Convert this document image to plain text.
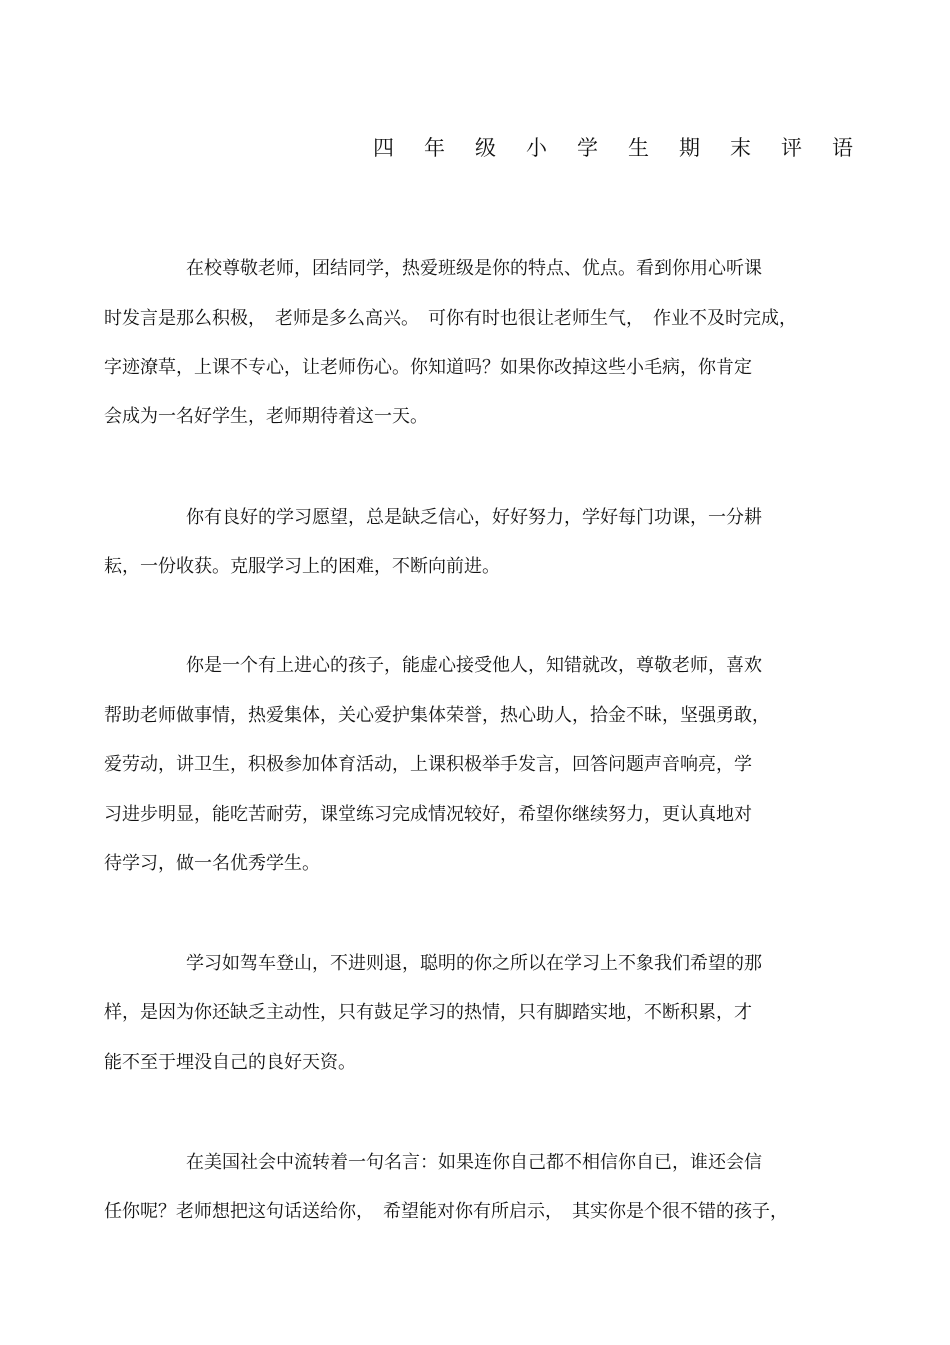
四年级小学生期末评语
在校尊敬老师，团结同学，热爱班级是你的特点、优点。看到你用心听课
时发言是那么积极，　老师是多么高兴。　可你有时也很让老师生气，　作业不及时完成，
字迹潦草，上课不专心，让老师伤心。你知道吗？如果你改掉这些小毛病，你肯定
会成为一名好学生，老师期待着这一天。
你有良好的学习愿望，总是缺乏信心，好好努力，学好每门功课，一分耕
耘，一份收获。克服学习上的困难，不断向前进。
你是一个有上进心的孩子，能虚心接受他人，知错就改，尊敬老师，喜欢
帮助老师做事情，热爱集体，关心爱护集体荣誉，热心助人，拾金不昧，坚强勇敢，
爱劳动，讲卫生，积极参加体育活动，上课积极举手发言，回答问题声音响亮，学
习进步明显，能吃苦耐劳，课堂练习完成情况较好，希望你继续努力，更认真地对
待学习，做一名优秀学生。
学习如驾车登山，不进则退，聪明的你之所以在学习上不象我们希望的那
样，是因为你还缺乏主动性，只有鼓足学习的热情，只有脚踏实地，不断积累，才
能不至于埋没自己的良好天资。
在美国社会中流转着一句名言：如果连你自己都不相信你自已，谁还会信
任你呢？老师想把这句话送给你，　希望能对你有所启示，　其实你是个很不错的孩子，
